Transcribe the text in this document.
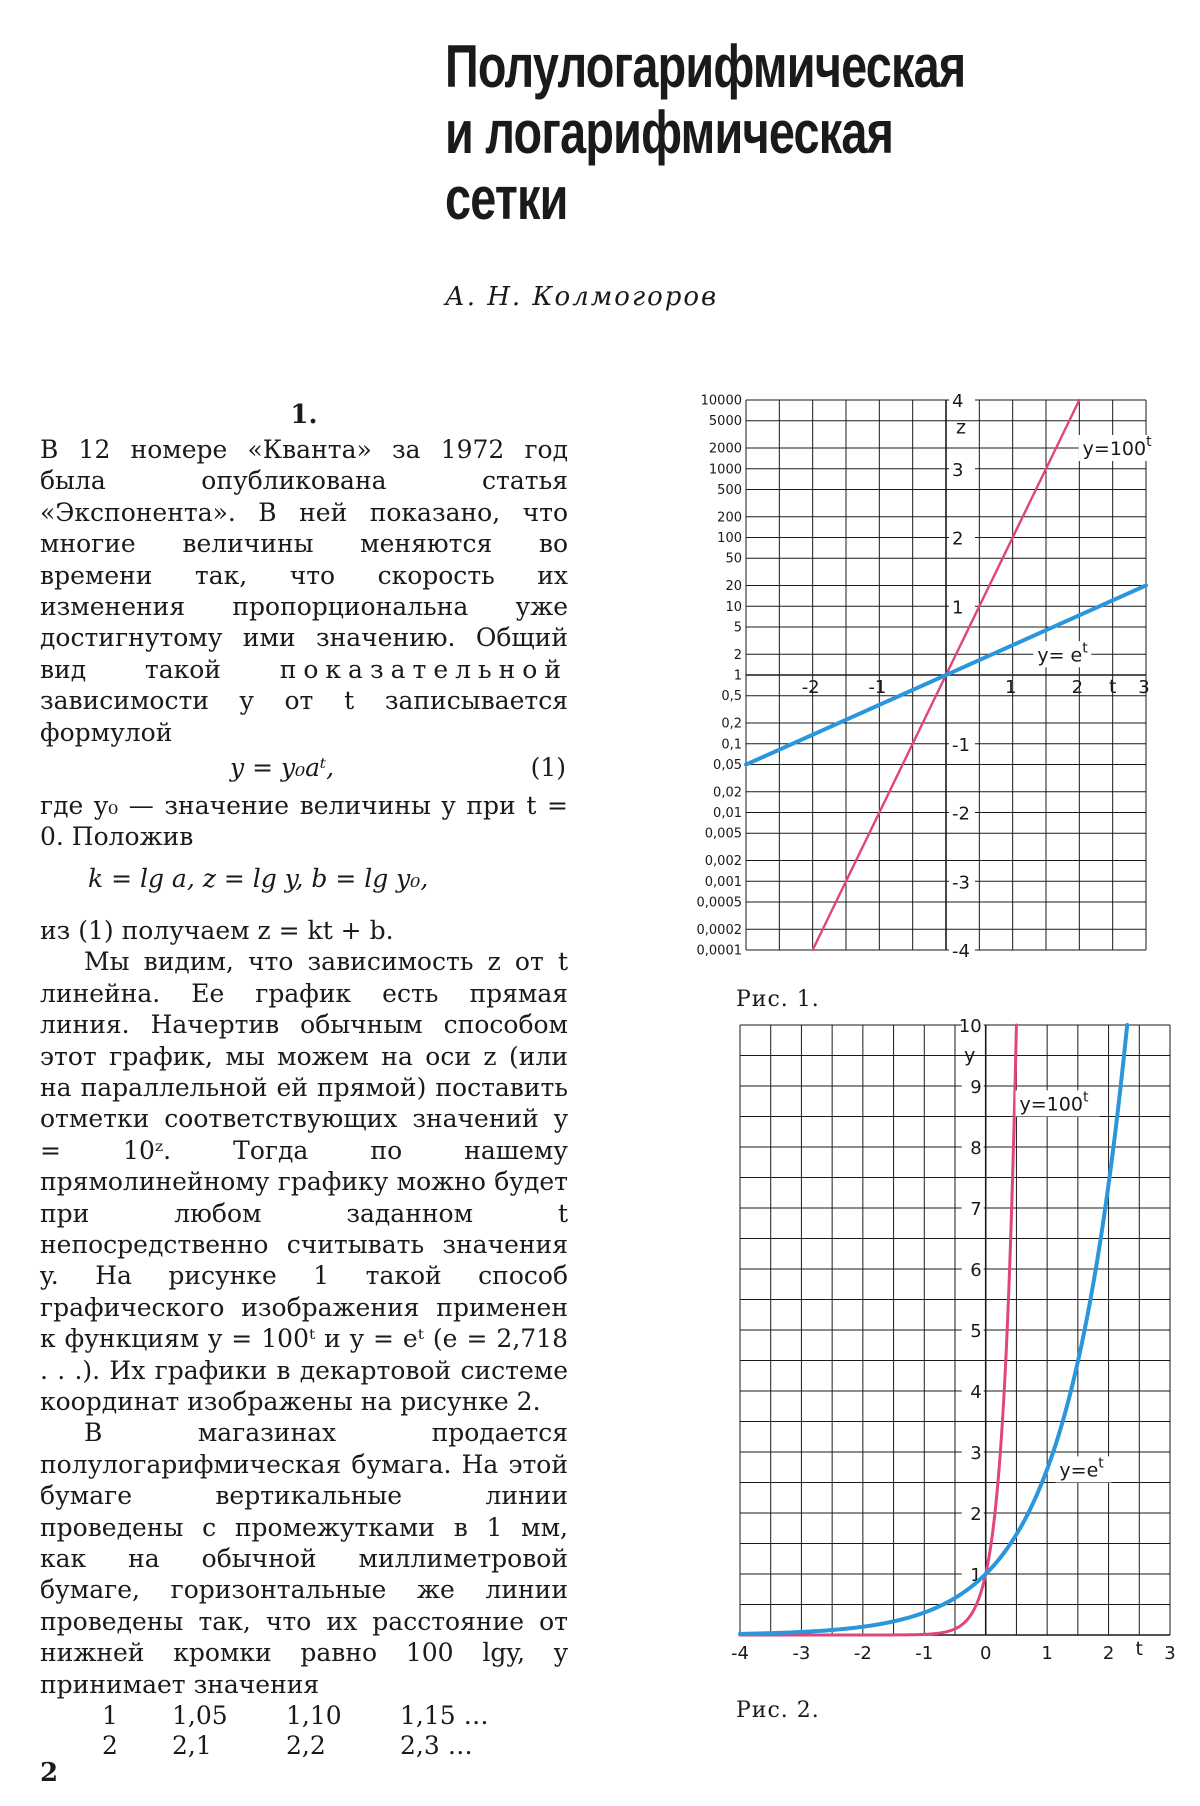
Полулогарифмическая
и логарифмическая
сетки
А. Н. Колмогоров
1.

В 12 номере «Кванта» за 1972 год была опубликована статья «Экспонента». В ней показано, что многие величины меняются во времени так, что скорость их изменения пропорциональна уже достигнутому ими значению. Общий вид такой показательной зависимости y от t записывается формулой

y = y₀aᵗ,	(1)

где y₀ — значение величины y при t = 0. Положив

k = lg a, z = lg y, b = lg y₀,

из (1) получаем z = kt + b.

Мы видим, что зависимость z от t линейна. Ее график есть прямая линия. Начертив обычным способом этот график, мы можем на оси z (или на параллельной ей прямой) поставить отметки соответствующих значений y = 10ᶻ. Тогда по нашему прямолинейному графику можно будет при любом заданном t непосредственно считывать значения y. На рисунке 1 такой способ графического изображения применен к функциям y = 100ᵗ и y = eᵗ (e = 2,718 . . .). Их графики в декартовой системе координат изображены на рисунке 2.

В магазинах продается полулогарифмическая бумага. На этой бумаге вертикальные линии проведены с промежутками в 1 мм, как на обычной миллиметровой бумаге, горизонтальные же линии проведены так, что их расстояние от нижней кромки равно 100 lgy, y принимает значения

1	1,05	1,10	1,15 …
2	2,1	2,2	2,3 …
2
10000
5000
2000
1000
500
200
100
50
20
10
5
2
1
0,5
0,2
0,1
0,05
0,02
0,01
0,005
0,002
0,001
0,0005
0,0002
0,0001
-2	-1	1	2	3
t
4
3
2
1
-1
-2
-3
-4
z
$y=100^t$
$y= e^t$
Рис. 1.
1
2
3
4
5
6
7
8
9
10
y
-4 -3 -2 -1	0	1	2	3
t
$y=100^t$
$y=e^t$
Рис. 2.
